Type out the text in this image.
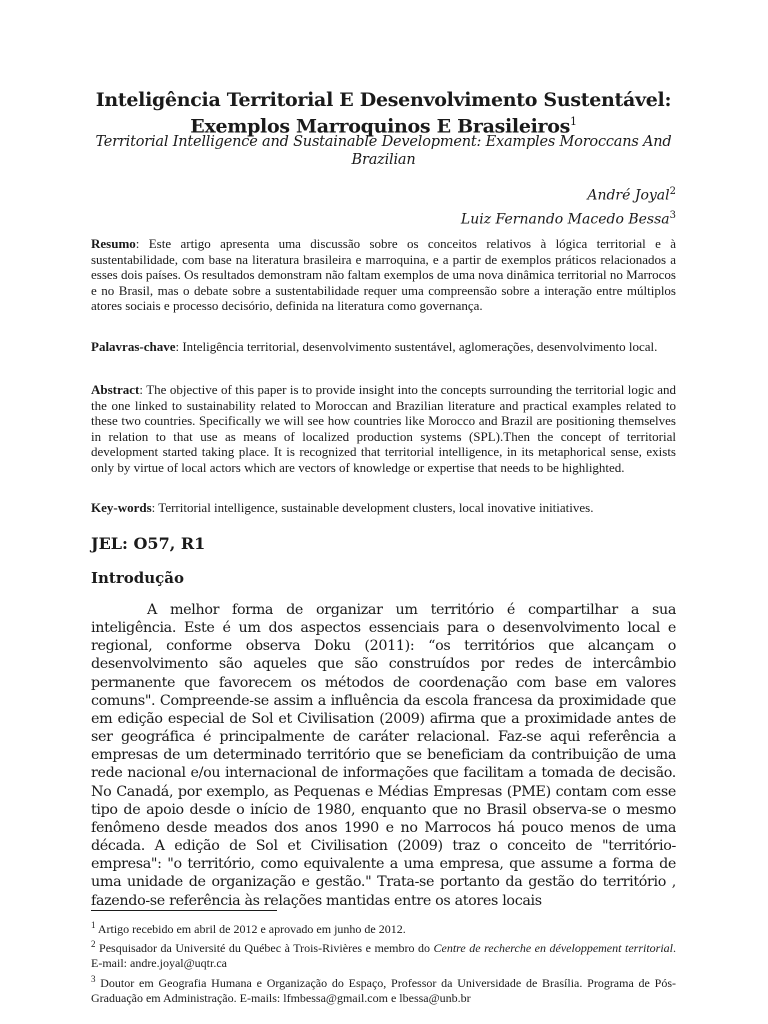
Inteligência Territorial E Desenvolvimento Sustentável:
Exemplos Marroquinos E Brasileiros$^1$
Territorial Intelligence and Sustainable Development: Examples Moroccans And Brazilian
André Joyal$^2$
Luiz Fernando Macedo Bessa$^3$
Resumo: Este artigo apresenta uma discussão sobre os conceitos relativos à lógica territorial e à sustentabilidade, com base na literatura brasileira e marroquina, e a partir de exemplos práticos relacionados a esses dois países. Os resultados demonstram não faltam exemplos de uma nova dinâmica territorial no Marrocos e no Brasil, mas o debate sobre a sustentabilidade requer uma compreensão sobre a interação entre múltiplos atores sociais e processo decisório, definida na literatura como governança.
Palavras-chave: Inteligência territorial, desenvolvimento sustentável, aglomerações, desenvolvimento local.
Abstract: The objective of this paper is to provide insight into the concepts surrounding the territorial logic and the one linked to sustainability related to Moroccan and Brazilian literature and practical examples related to these two countries. Specifically we will see how countries like Morocco and Brazil are positioning themselves in relation to that use as means of localized production systems (SPL).Then the concept of territorial development started taking place. It is recognized that territorial intelligence, in its metaphorical sense, exists only by virtue of local actors which are vectors of knowledge or expertise that needs to be highlighted.
Key-words: Territorial intelligence, sustainable development clusters, local inovative initiatives.
JEL: O57, R1
Introdução
A melhor forma de organizar um território é compartilhar a sua inteligência. Este é um dos aspectos essenciais para o desenvolvimento local e regional, conforme observa Doku (2011): “os territórios que alcançam o desenvolvimento são aqueles que são construídos por redes de intercâmbio permanente que favorecem os métodos de coordenação com base em valores comuns". Compreende-se assim a influência da escola francesa da proximidade que em edição especial de Sol et Civilisation (2009) afirma que a proximidade antes de ser geográfica é principalmente de caráter relacional. Faz-se aqui referência a empresas de um determinado território que se beneficiam da contribuição de uma rede nacional e/ou internacional de informações que facilitam a tomada de decisão. No Canadá, por exemplo, as Pequenas e Médias Empresas (PME) contam com esse tipo de apoio desde o início de 1980, enquanto que no Brasil observa-se o mesmo fenômeno desde meados dos anos 1990 e no Marrocos há pouco menos de uma década. A edição de Sol et Civilisation (2009) traz o conceito de "território-empresa": "o território, como equivalente a uma empresa, que assume a forma de uma unidade de organização e gestão." Trata-se portanto da gestão do território , fazendo-se referência às relações mantidas entre os atores locais

$^1$ Artigo recebido em abril de 2012 e aprovado em junho de 2012.

$^2$ Pesquisador da Université du Québec à Trois-Rivières e membro do Centre de recherche en développement territorial. E-mail: andre.joyal@uqtr.ca

$^3$ Doutor em Geografia Humana e Organização do Espaço, Professor da Universidade de Brasília. Programa de Pós-Graduação em Administração. E-mails: lfmbessa@gmail.com e lbessa@unb.br
